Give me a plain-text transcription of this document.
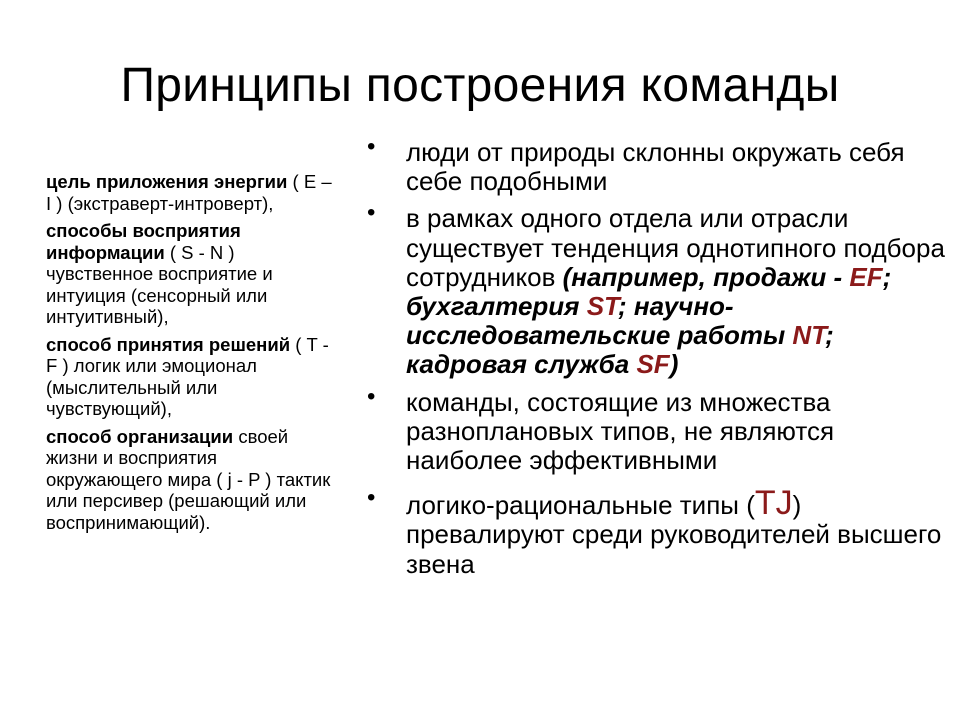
Принципы построения команды

цель приложения энергии ( E – I ) (экстраверт-интроверт),

способы восприятия информации ( S - N ) чувственное восприятие и интуиция (сенсорный или интуитивный),

способ принятия решений ( T - F ) логик или эмоционал (мыслительный или чувствующий),

способ организации своей жизни и восприятия окружающего мира ( j - P ) тактик или персивер (решающий или воспринимающий).

• люди от природы склонны окружать себя себе подобными
• в рамках одного отдела или отрасли существует тенденция однотипного подбора сотрудников (например, продажи - EF; бухгалтерия ST; научно-исследовательские работы NT; кадровая служба SF)
• команды, состоящие из множества разноплановых типов, не являются наиболее эффективными
• логико-рациональные типы (TJ) превалируют среди руководителей высшего звена
